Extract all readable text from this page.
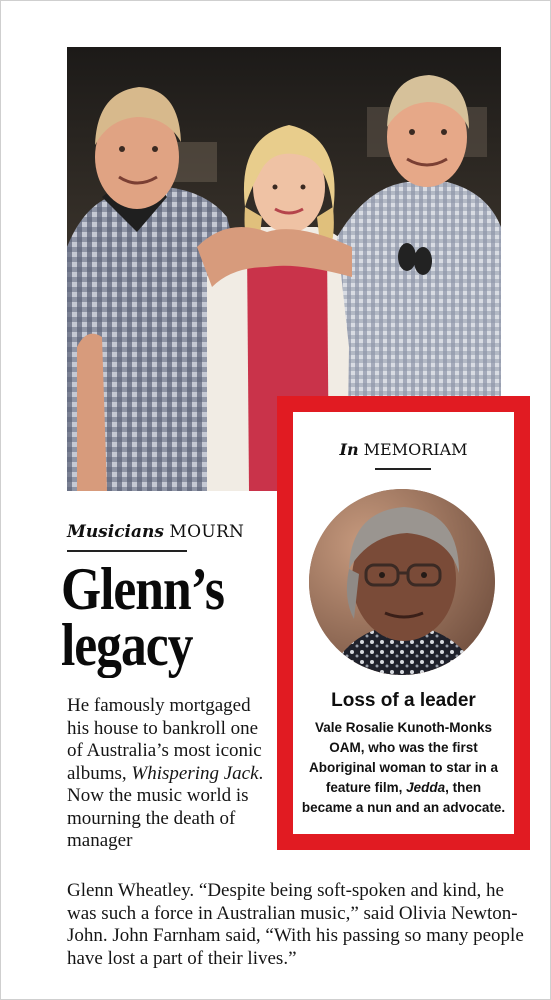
Musicians MOURN
Glenn’s
legacy
He famously mortgaged his house to bankroll one of Australia’s most iconic albums, Whispering Jack. Now the music world is mourning the death of manager
Glenn Wheatley. “Despite being soft-spoken and kind, he was such a force in Australian music,” said Olivia Newton-John. John Farnham said, “With his passing so many people have lost a part of their lives.”
In MEMORIAM
Loss of a leader
Vale Rosalie Kunoth-Monks OAM, who was the first Aboriginal woman to star in a feature film, Jedda, then became a nun and an advocate.
